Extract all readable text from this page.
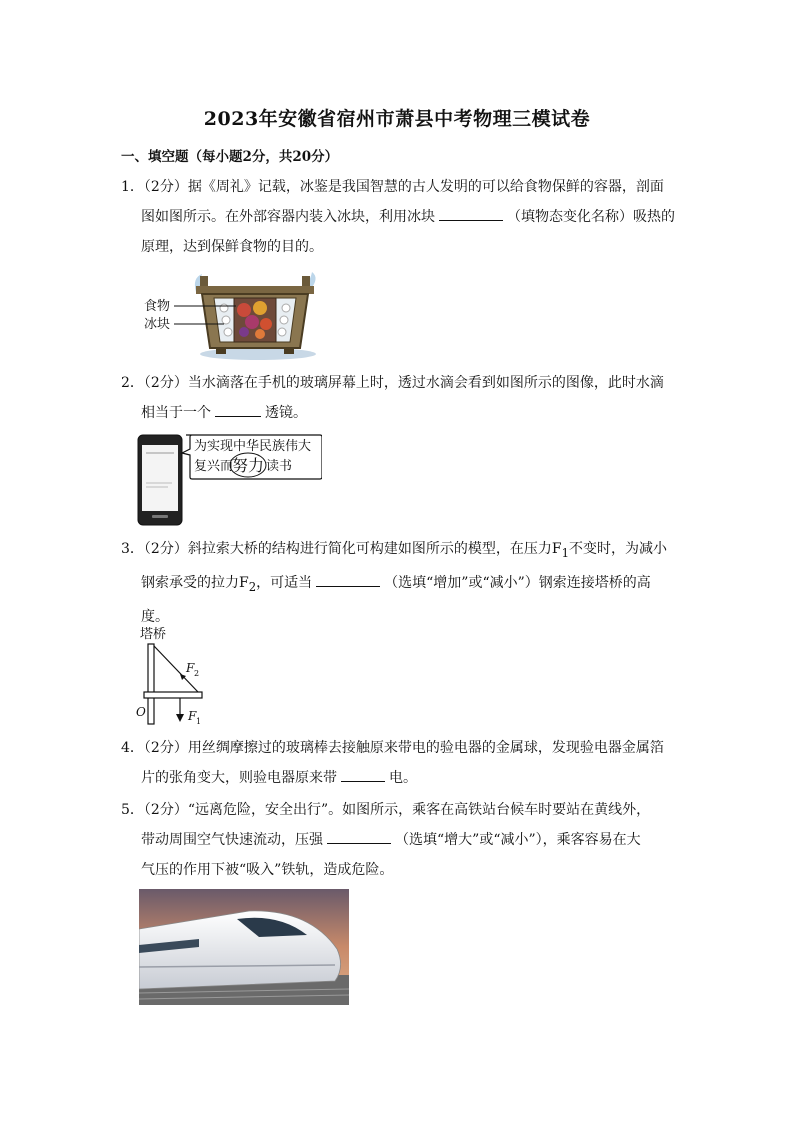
2023年安徽省宿州市萧县中考物理三模试卷
一、填空题（每小题2分，共20分）

1．（2分）据《周礼》记载，冰鉴是我国智慧的古人发明的可以给食物保鲜的容器，剖面

图如图所示。在外部容器内装入冰块，利用冰块	（填物态变化名称）吸热的

原理，达到保鲜食物的目的。

食物
冰块

2．（2分）当水滴落在手机的玻璃屏幕上时，透过水滴会看到如图所示的图像，此时水滴

相当于一个	透镜。

为实现中华民族伟大
复兴而
努力 读书

3．（2分）斜拉索大桥的结构进行简化可构建如图所示的模型，在压力$F_1$不变时，为减小

钢索承受的拉力$F_2$，可适当	（选填“增加”或“减小”）钢索连接塔桥的高

度。

塔桥
F 2
F 1
O

4．（2分）用丝绸摩擦过的玻璃棒去接触原来带电的验电器的金属球，发现验电器金属箔

片的张角变大，则验电器原来带	电。

5．（2分）“远离危险，安全出行”。如图所示，乘客在高铁站台候车时要站在黄线外，

带动周围空气快速流动，压强	（选填“增大”或“减小”），乘客容易在大

气压的作用下被“吸入”铁轨，造成危险。
